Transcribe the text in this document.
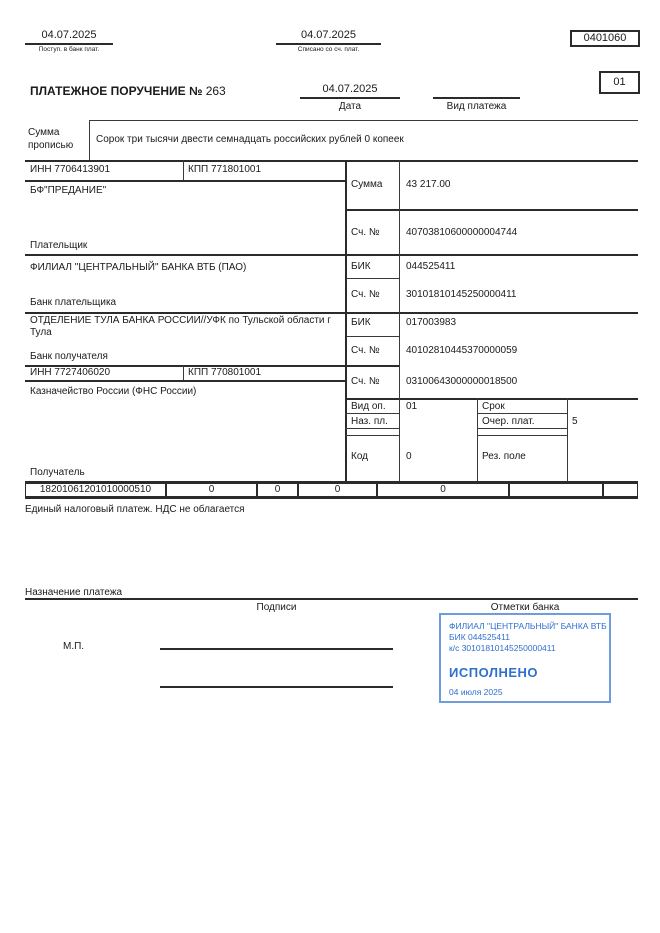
04.07.2025
Поступ. в банк плат.
04.07.2025
Списано со сч. плат.
0401060
ПЛАТЕЖНОЕ ПОРУЧЕНИЕ № 263	04.07.2025
Дата	Вид платежа
01
Сумма прописью
Сорок три тысячи двести семнадцать российских рублей 0 копеек
ИНН 7706413901	КПП 771801001
БФ"ПРЕДАНИЕ"
Плательщик
ФИЛИАЛ "ЦЕНТРАЛЬНЫЙ" БАНКА ВТБ (ПАО)
Банк плательщика
ОТДЕЛЕНИЕ ТУЛА БАНКА РОССИИ//УФК по Тульской области г Тула
Банк получателя
ИНН 7727406020	КПП 770801001
Казначейство России (ФНС России)
Получатель
Сумма 43 217.00
Сч. №	40703810600000004744
БИК	044525411
Сч. №	30101810145250000411
БИК	017003983
Сч. №	40102810445370000059
Сч. №	03100643000000018500
Вид оп. 01	Срок
Наз. пл.	Очер. плат.	5
Код	0	Рез. поле
18201061201010000510	0	0	0	0
Единый налоговый платеж. НДС не облагается
Назначение платежа
Подписи	Отметки банка
М.П.
ФИЛИАЛ "ЦЕНТРАЛЬНЫЙ" БАНКА ВТБ
БИК 044525411
к/с 30101810145250000411
ИСПОЛНЕНО
04 июля 2025
